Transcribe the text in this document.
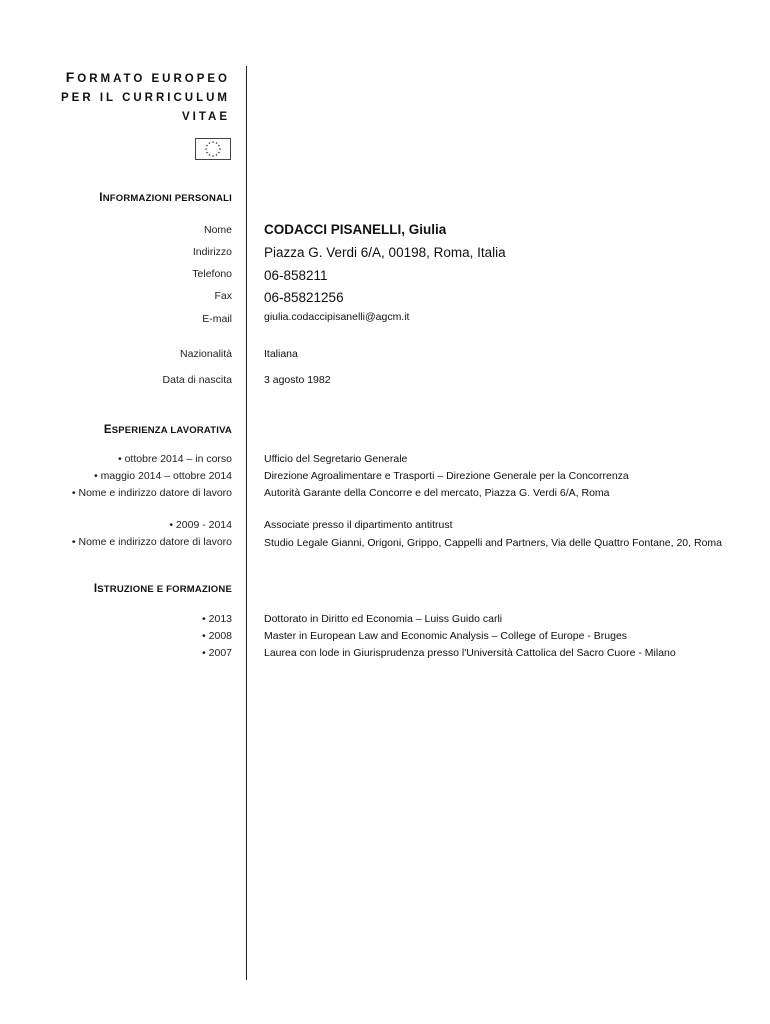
FORMATO EUROPEO
PER IL CURRICULUM
VITAE
INFORMAZIONI PERSONALI
Nome CODACCI PISANELLI, Giulia
Indirizzo Piazza G. Verdi 6/A, 00198, Roma, Italia
Telefono 06-858211
Fax 06-85821256
E-mail	giulia.codaccipisanelli@agcm.it
Nazionalità	Italiana
Data di nascita	3 agosto 1982
ESPERIENZA LAVORATIVA
• ottobre 2014 – in corso	Ufficio del Segretario Generale
• maggio 2014 – ottobre 2014	Direzione Agroalimentare e Trasporti – Direzione Generale per la Concorrenza
• Nome e indirizzo datore di lavoro	Autorità Garante della Concorre e del mercato, Piazza G. Verdi 6/A, Roma
• 2009 - 2014	Associate presso il dipartimento antitrust
• Nome e indirizzo datore di lavoro	Studio Legale Gianni, Origoni, Grippo, Cappelli and Partners, Via delle Quattro Fontane, 20, Roma
ISTRUZIONE E FORMAZIONE
• 2013	Dottorato in Diritto ed Economia – Luiss Guido carli
• 2008	Master in European Law and Economic Analysis – College of Europe - Bruges
• 2007	Laurea con lode in Giurisprudenza presso l'Università Cattolica del Sacro Cuore - Milano
